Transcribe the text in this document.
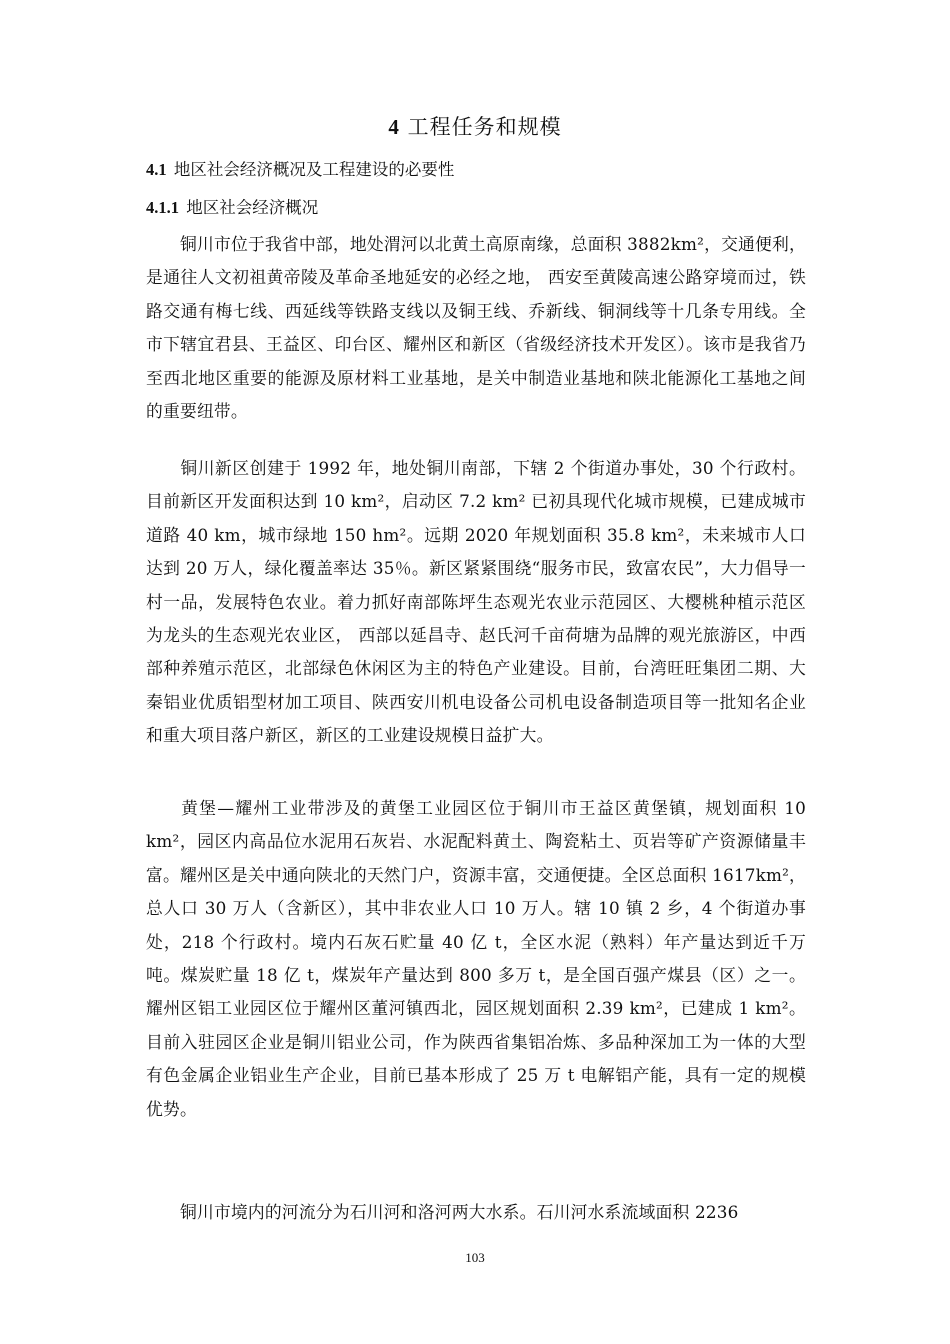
4 工程任务和规模
4.1 地区社会经济概况及工程建设的必要性
4.1.1 地区社会经济概况
铜川市位于我省中部，地处渭河以北黄土高原南缘，总面积 3882km²，交通便利，是通往人文初祖黄帝陵及革命圣地延安的必经之地， 西安至黄陵高速公路穿境而过，铁路交通有梅七线、西延线等铁路支线以及铜王线、乔新线、铜洞线等十几条专用线。全市下辖宜君县、王益区、印台区、耀州区和新区（省级经济技术开发区）。该市是我省乃至西北地区重要的能源及原材料工业基地，是关中制造业基地和陕北能源化工基地之间的重要纽带。
铜川新区创建于 1992 年，地处铜川南部，下辖 2 个街道办事处，30 个行政村。目前新区开发面积达到 10 km²，启动区 7.2 km² 已初具现代化城市规模，已建成城市道路 40 km，城市绿地 150 hm²。远期 2020 年规划面积 35.8 km²，未来城市人口达到 20 万人，绿化覆盖率达 35％。新区紧紧围绕“服务市民，致富农民”，大力倡导一村一品，发展特色农业。着力抓好南部陈坪生态观光农业示范园区、大樱桃种植示范区为龙头的生态观光农业区， 西部以延昌寺、赵氏河千亩荷塘为品牌的观光旅游区，中西部种养殖示范区，北部绿色休闲区为主的特色产业建设。目前，台湾旺旺集团二期、大秦铝业优质铝型材加工项目、陕西安川机电设备公司机电设备制造项目等一批知名企业和重大项目落户新区，新区的工业建设规模日益扩大。
黄堡—耀州工业带涉及的黄堡工业园区位于铜川市王益区黄堡镇，规划面积 10 km²，园区内高品位水泥用石灰岩、水泥配料黄土、陶瓷粘土、页岩等矿产资源储量丰富。耀州区是关中通向陕北的天然门户，资源丰富，交通便捷。全区总面积 1617km²，总人口 30 万人（含新区），其中非农业人口 10 万人。辖 10 镇 2 乡，4 个街道办事处，218 个行政村。境内石灰石贮量 40 亿 t，全区水泥（熟料）年产量达到近千万吨。煤炭贮量 18 亿 t，煤炭年产量达到 800 多万 t，是全国百强产煤县（区）之一。耀州区铝工业园区位于耀州区董河镇西北，园区规划面积 2.39 km²，已建成 1 km²。目前入驻园区企业是铜川铝业公司，作为陕西省集铝冶炼、多品种深加工为一体的大型有色金属企业铝业生产企业，目前已基本形成了 25 万 t 电解铝产能，具有一定的规模优势。
铜川市境内的河流分为石川河和洛河两大水系。石川河水系流域面积 2236
103
